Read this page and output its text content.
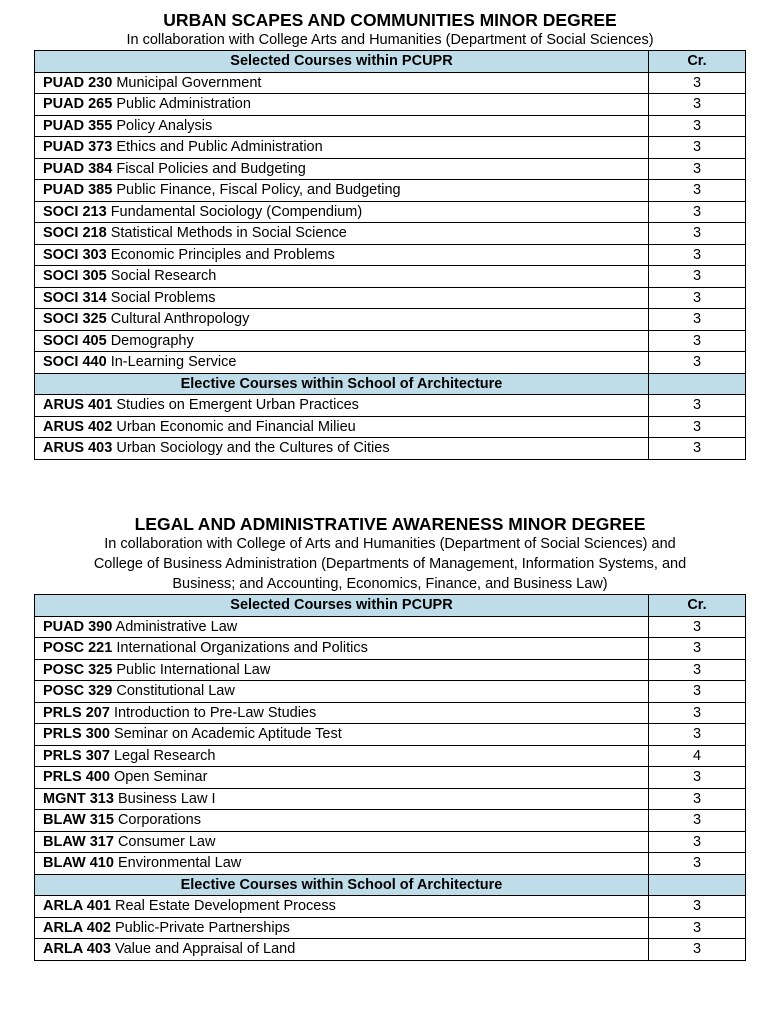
URBAN SCAPES AND COMMUNITIES MINOR DEGREE
In collaboration with College Arts and Humanities (Department of Social Sciences)
Selected Courses within PCUPR	Cr.
PUAD 230 Municipal Government	3
PUAD 265 Public Administration	3
PUAD 355 Policy Analysis	3
PUAD 373 Ethics and Public Administration	3
PUAD 384 Fiscal Policies and Budgeting	3
PUAD 385 Public Finance, Fiscal Policy, and Budgeting	3
SOCI 213 Fundamental Sociology (Compendium)	3
SOCI 218 Statistical Methods in Social Science	3
SOCI 303 Economic Principles and Problems	3
SOCI 305 Social Research	3
SOCI 314 Social Problems	3
SOCI 325 Cultural Anthropology	3
SOCI 405 Demography	3
SOCI 440 In-Learning Service	3
Elective Courses within School of Architecture	
ARUS 401 Studies on Emergent Urban Practices	3
ARUS 402 Urban Economic and Financial Milieu	3
ARUS 403 Urban Sociology and the Cultures of Cities	3
LEGAL AND ADMINISTRATIVE AWARENESS MINOR DEGREE
In collaboration with College of Arts and Humanities (Department of Social Sciences) and
College of Business Administration (Departments of Management, Information Systems, and
Business; and Accounting, Economics, Finance, and Business Law)
Selected Courses within PCUPR	Cr.
PUAD 390 Administrative Law	3
POSC 221 International Organizations and Politics	3
POSC 325 Public International Law	3
POSC 329 Constitutional Law	3
PRLS 207 Introduction to Pre-Law Studies	3
PRLS 300 Seminar on Academic Aptitude Test	3
PRLS 307 Legal Research	4
PRLS 400 Open Seminar	3
MGNT 313 Business Law I	3
BLAW 315 Corporations	3
BLAW 317 Consumer Law	3
BLAW 410 Environmental Law	3
Elective Courses within School of Architecture	
ARLA 401 Real Estate Development Process	3
ARLA 402 Public-Private Partnerships	3
ARLA 403 Value and Appraisal of Land	3
